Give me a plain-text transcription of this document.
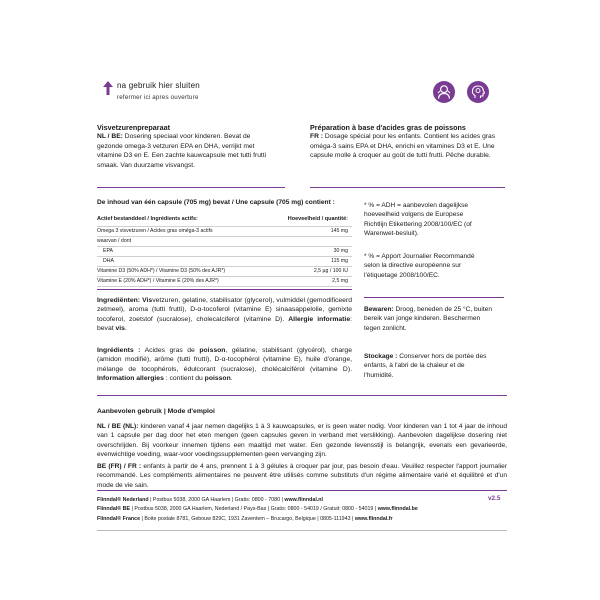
na gebruik hier sluiten
refermer ici apres ouverture
Visvetzurenpreparaat
NL / BE: Dosering speciaal voor kinderen. Bevat de gezonde omega-3 vetzuren EPA en DHA, verrijkt met vitamine D3 en E. Een zachte kauwcapsule met tutti frutti smaak. Van duurzame visvangst.
Préparation à base d'acides gras de poissons
FR : Dosage spécial pour les enfants. Contient les acides gras oméga-3 sains EPA et DHA, enrichi en vitamines D3 et E. Une capsule molle à croquer au goût de tutti frutti. Pêche durable.
De inhoud van één capsule (705 mg) bevat / Une capsule (705 mg) contient :
Actief bestanddeel / Ingrédients actifs:	Hoeveelheid / quantité:
Omega 3 visvetzuren / Acides gras oméga-3 actifs	145 mg
waarvan / dont
EPA	30 mg
DHA	115 mg
Vitamine D3 (50% ADH*) / Vitamine D3 (50% des AJR*)	2,5 µg / 100 IU
Vitamine E (20% ADH*) / Vitamine E (20% des AJR*)	2,5 mg
* % = ADH = aanbevolen dagelijkse hoeveelheid volgens de Europese Richtlijn Etikettering 2008/100/EC (of Warenwet-besluit).
* % = Apport Journalier Recommandé selon la directive européenne sur l'étiquetage 2008/100/EC.
Bewaren: Droog, beneden de 25 °C, buiten bereik van jonge kinderen. Beschermen tegen zonlicht.
Stockage : Conserver hors de portée des enfants, à l'abri de la chaleur et de l'humidité.
Ingrediënten: Visvetzuren, gelatine, stabilisator (glycerol), vulmiddel (gemodificeerd zetmeel), aroma (tutti frutti), D-α-tocoferol (vitamine E) sinaasappelolie, gemixte tocoferol, zoetstof (sucralose), cholecalciferol (vitamine D). Allergie informatie: bevat vis.
Ingrédients : Acides gras de poisson, gélatine, stabilisant (glycérol), charge (amidon modifié), arôme (tutti frutti), D-α-tocophérol (vitamine E), huile d'orange, mélange de tocophérols, édulcorant (sucralose), cholécalciférol (vitamine D). Information allergies : contient du poisson.
Aanbevolen gebruik | Mode d'emploi
NL / BE (NL): kinderen vanaf 4 jaar nemen dagelijks 1 à 3 kauwcapsules, er is geen water nodig. Voor kinderen van 1 tot 4 jaar de inhoud van 1 capsule per dag door het eten mengen (geen capsules geven in verband met verslikking). Aanbevolen dagelijkse dosering niet overschrijden. Bij voorkeur innemen tijdens een maaltijd met water. Een gezonde levensstijl is belangrijk, evenals een gevarieerde, evenwichtige voeding, waar-voor voedingssupplementen geen vervanging zijn.
BE (FR) / FR : enfants à partir de 4 ans, prennent 1 à 3 gélules à croquer par jour, pas besoin d'eau. Veuillez respecter l'apport journalier recommandé. Les compléments alimentaires ne peuvent être utilisés comme substituts d'un régime alimentaire varié et équilibré et d'un mode de vie sain.
Flinndal® Nederland | Postbus 5038, 2000 GA Haarlem | Gratis: 0800 - 7080 | www.flinndal.nl
Flinndal® BE | Postbus 5038, 2000 GA Haarlem, Nederland / Pays-Bas | Gratis: 0800 - 54019 / Gratuit: 0800 - 54019 | www.flinndal.be
Flinndal® France | Boite postale 8781, Gebouw 829C, 1931 Zaventem – Brucargo, Belgique | 0805-111943 | www.flinndal.fr
v2.5
